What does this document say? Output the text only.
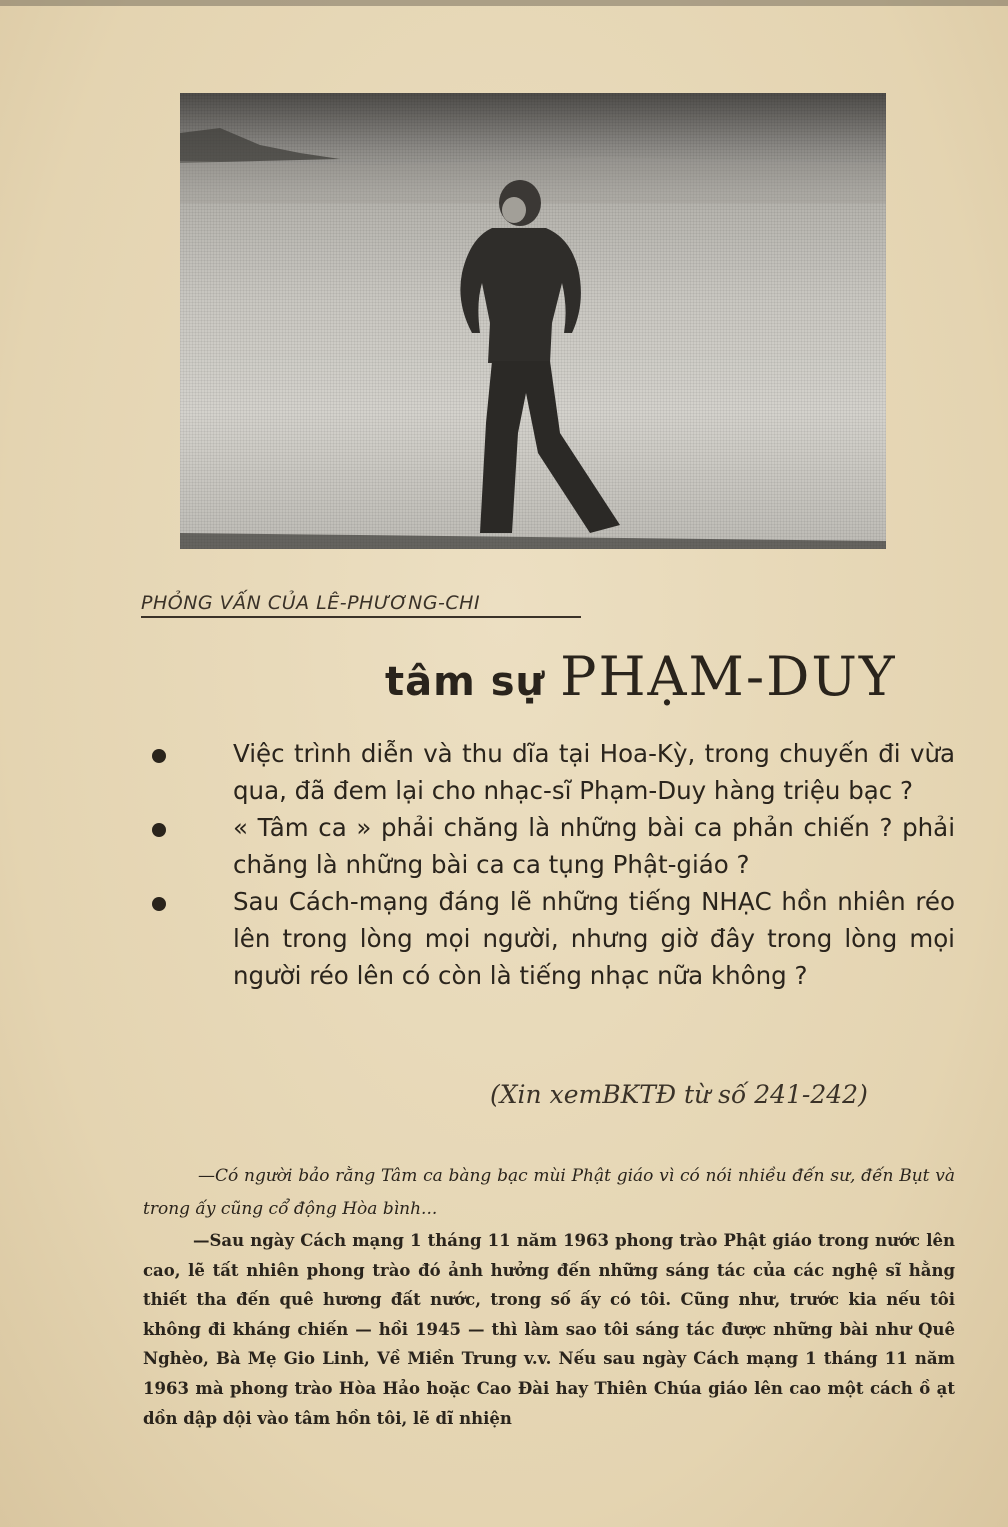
PHỎNG VẤN CỦA LÊ-PHƯƠNG-CHI
tâm sự PHẠM-DUY
Việc trình diễn và thu dĩa tại Hoa-Kỳ, trong chuyến đi vừa qua, đã đem lại cho nhạc-sĩ Phạm-Duy hàng triệu bạc ?
« Tâm ca » phải chăng là những bài ca phản chiến ? phải chăng là những bài ca ca tụng Phật-giáo ?
Sau Cách-mạng đáng lẽ những tiếng NHẠC hồn nhiên réo lên trong lòng mọi người, nhưng giờ đây trong lòng mọi người réo lên có còn là tiếng nhạc nữa không ?
(Xin xemBKTĐ từ số 241-242)

—Có người bảo rằng Tâm ca bàng bạc mùi Phật giáo vì có nói nhiều đến sư, đến Bụt và trong ấy cũng cổ động Hòa bình...

—Sau ngày Cách mạng 1 tháng 11 năm 1963 phong trào Phật giáo trong nước lên cao, lẽ tất nhiên phong trào đó ảnh hưởng đến những sáng tác của các nghệ sĩ hằng thiết tha đến quê hương đất nước, trong số ấy có tôi. Cũng như, trước kia nếu tôi không đi kháng chiến — hồi 1945 — thì làm sao tôi sáng tác được những bài như Quê Nghèo, Bà Mẹ Gio Linh, Về Miền Trung v.v. Nếu sau ngày Cách mạng 1 tháng 11 năm 1963 mà phong trào Hòa Hảo hoặc Cao Đài hay Thiên Chúa giáo lên cao một cách ồ ạt dồn dập dội vào tâm hồn tôi, lẽ dĩ nhiện
